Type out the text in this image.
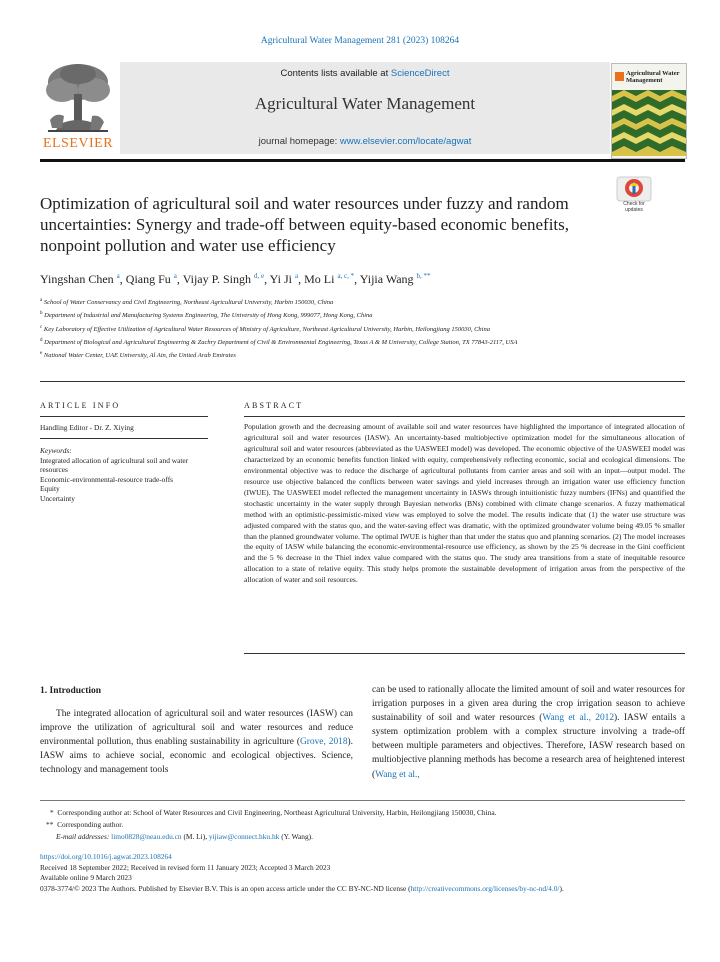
Agricultural Water Management 281 (2023) 108264
ELSEVIER
Contents lists available at ScienceDirect
Agricultural Water Management
journal homepage: www.elsevier.com/locate/agwat
Agricultural Water Management
Check for updates
Optimization of agricultural soil and water resources under fuzzy and random uncertainties: Synergy and trade-off between equity-based economic benefits, nonpoint pollution and water use efficiency
Yingshan Chen $^a$, Qiang Fu $^a$, Vijay P. Singh $^{d, e}$, Yi Ji $^a$, Mo Li $^{a, c, *}$, Yijia Wang $^{b, **}$
$^a$ School of Water Conservancy and Civil Engineering, Northeast Agricultural University, Harbin 150030, China
$^b$ Department of Industrial and Manufacturing Systems Engineering, The University of Hong Kong, 999077, Hong Kong, China
$^c$ Key Laboratory of Effective Utilization of Agricultural Water Resources of Ministry of Agriculture, Northeast Agricultural University, Harbin, Heilongjiang 150030, China
$^d$ Department of Biological and Agricultural Engineering & Zachry Department of Civil & Environmental Engineering, Texas A & M University, College Station, TX 77843-2117, USA
$^e$ National Water Center, UAE University, Al Ain, the United Arab Emirates
ARTICLE INFO
Handling Editor - Dr. Z. Xiying
Keywords:
Integrated allocation of agricultural soil and water resources
Economic-environmental-resource trade-offs
Equity
Uncertainty
ABSTRACT
Population growth and the decreasing amount of available soil and water resources have highlighted the importance of integrated allocation of agricultural soil and water resources (IASW). An uncertainty-based multiobjective optimization model for the simultaneous allocation of agricultural soil and water resources (abbreviated as the UASWEEI model) was developed. The economic objective of the UASWEEI model was characterized by an economic benefits function linked with equity, comprehensively reflecting economic, social and ecological dimensions. The environmental objective was to reduce the discharge of agricultural pollutants from carrier areas and soil with an input—output model. The resource use objective balanced the conflicts between water savings and yield increases through an irrigation water use efficiency function (IWUE). The UASWEEI model reflected the management uncertainty in IASWs through intuitionistic fuzzy numbers (IFNs) and quantified the stochastic uncertainty in the water supply through Bayesian networks (BNs) combined with climate change scenarios. A fuzzy mathematical method with an optimistic-pessimistic-mixed view was employed to solve the model. The results indicate that (1) the water use structure was adjusted compared with the status quo, and the water-saving effect was dramatic, with the optimized groundwater volume being 49.05 % smaller than the planned groundwater volume. The optimal IWUE is higher than that under the status quo and planning scenarios. (2) The model increases the equity of IASW while balancing the economic-environmental-resource use efficiency, as shown by the 25 % decrease in the Gini coefficient and the 5 % decrease in the Thiel index value compared with the status quo. The study area transitions from a state of inequitable resource allocation to a state of relative equity. This study helps promote the sustainable development of irrigation areas from the perspective of the allocation of water and soil resources.
1. Introduction
The integrated allocation of agricultural soil and water resources (IASW) can improve the utilization of agricultural soil and water resources and reduce environmental pollution, thus enabling sustainability in agriculture (Grove, 2018). IASW aims to achieve social, economic and ecological objectives. Science, technology and management tools
can be used to rationally allocate the limited amount of soil and water resources for irrigation purposes in a given area during the crop irrigation season to achieve sustainability of soil and water resources (Wang et al., 2012). IASW entails a system optimization problem with a complex structure involving a trade-off between multiple parameters and objectives. Therefore, IASW research based on multiobjective planning methods has become a research area of heightened interest (Wang et al.,
* Corresponding author at: School of Water Resources and Civil Engineering, Northeast Agricultural University, Harbin, Heilongjiang 150030, China.
** Corresponding author.
E-mail addresses: limo0828@neau.edu.cn (M. Li), yijiaw@connect.hku.hk (Y. Wang).
https://doi.org/10.1016/j.agwat.2023.108264
Received 18 September 2022; Received in revised form 11 January 2023; Accepted 3 March 2023
Available online 9 March 2023
0378-3774/© 2023 The Authors. Published by Elsevier B.V. This is an open access article under the CC BY-NC-ND license (http://creativecommons.org/licenses/by-nc-nd/4.0/).
